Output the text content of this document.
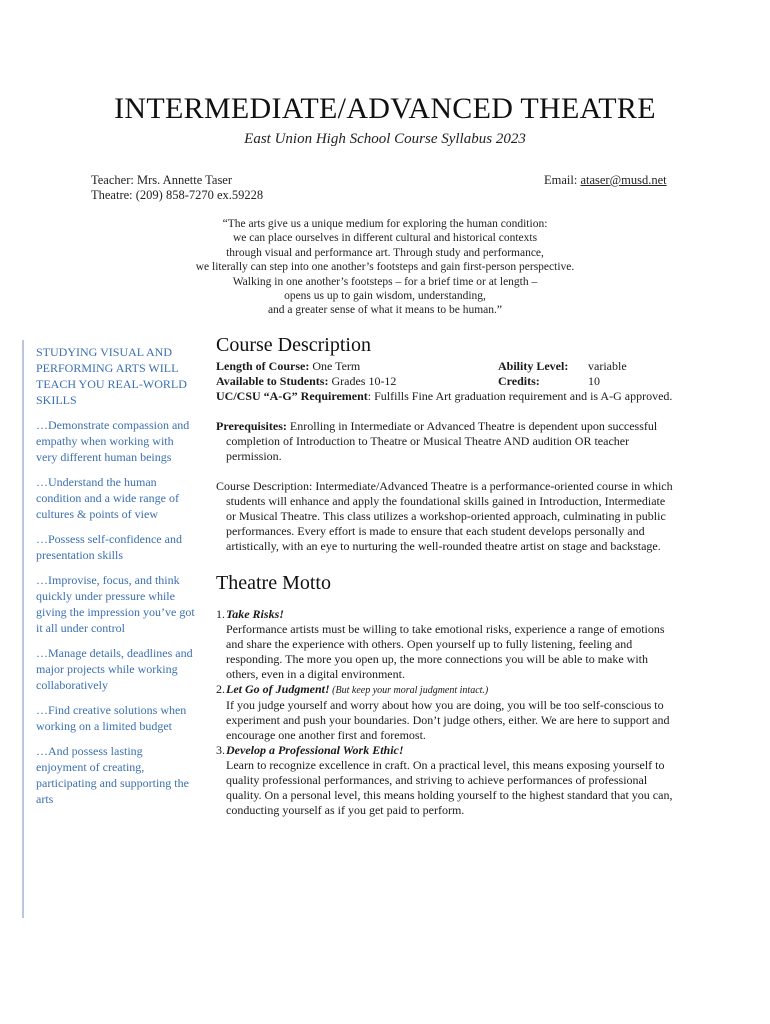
INTERMEDIATE/ADVANCED THEATRE
East Union High School Course Syllabus 2023
Teacher: Mrs. Annette Taser
Theatre: (209) 858-7270 ex.59228
Email: ataser@musd.net
“The arts give us a unique medium for exploring the human condition:
we can place ourselves in different cultural and historical contexts
through visual and performance art. Through study and performance,
we literally can step into one another’s footsteps and gain first-person perspective.
Walking in one another’s footsteps – for a brief time or at length –
opens us up to gain wisdom, understanding,
and a greater sense of what it means to be human.”

STUDYING VISUAL AND PERFORMING ARTS WILL TEACH YOU REAL-WORLD SKILLS

…Demonstrate compassion and empathy when working with very different human beings

…Understand the human condition and a wide range of cultures & points of view

…Possess self-confidence and presentation skills

…Improvise, focus, and think quickly under pressure while giving the impression you’ve got it all under control

…Manage details, deadlines and major projects while working collaboratively

…Find creative solutions when working on a limited budget

…And possess lasting enjoyment of creating, participating and supporting the arts

Course Description
Length of Course: One Term	Ability Level: variable
Available to Students: Grades 10-12	Credits:	10

UC/CSU “A-G” Requirement: Fulfills Fine Art graduation requirement and is A-G approved.

Prerequisites: Enrolling in Intermediate or Advanced Theatre is dependent upon successful completion of Introduction to Theatre or Musical Theatre AND audition OR teacher permission.

Course Description: Intermediate/Advanced Theatre is a performance-oriented course in which students will enhance and apply the foundational skills gained in Introduction, Intermediate or Musical Theatre. This class utilizes a workshop-oriented approach, culminating in public performances. Every effort is made to ensure that each student develops personally and artistically, with an eye to nurturing the well-rounded theatre artist on stage and backstage.

Theatre Motto
1. Take Risks!
Performance artists must be willing to take emotional risks, experience a range of emotions and share the experience with others. Open yourself up to fully listening, feeling and responding. The more you open up, the more connections you will be able to make with others, even in a digital environment.
2. Let Go of Judgment! (But keep your moral judgment intact.)
If you judge yourself and worry about how you are doing, you will be too self-conscious to experiment and push your boundaries. Don’t judge others, either. We are here to support and encourage one another first and foremost.
3. Develop a Professional Work Ethic!
Learn to recognize excellence in craft. On a practical level, this means exposing yourself to quality professional performances, and striving to achieve performances of professional quality. On a personal level, this means holding yourself to the highest standard that you can, conducting yourself as if you get paid to perform.
